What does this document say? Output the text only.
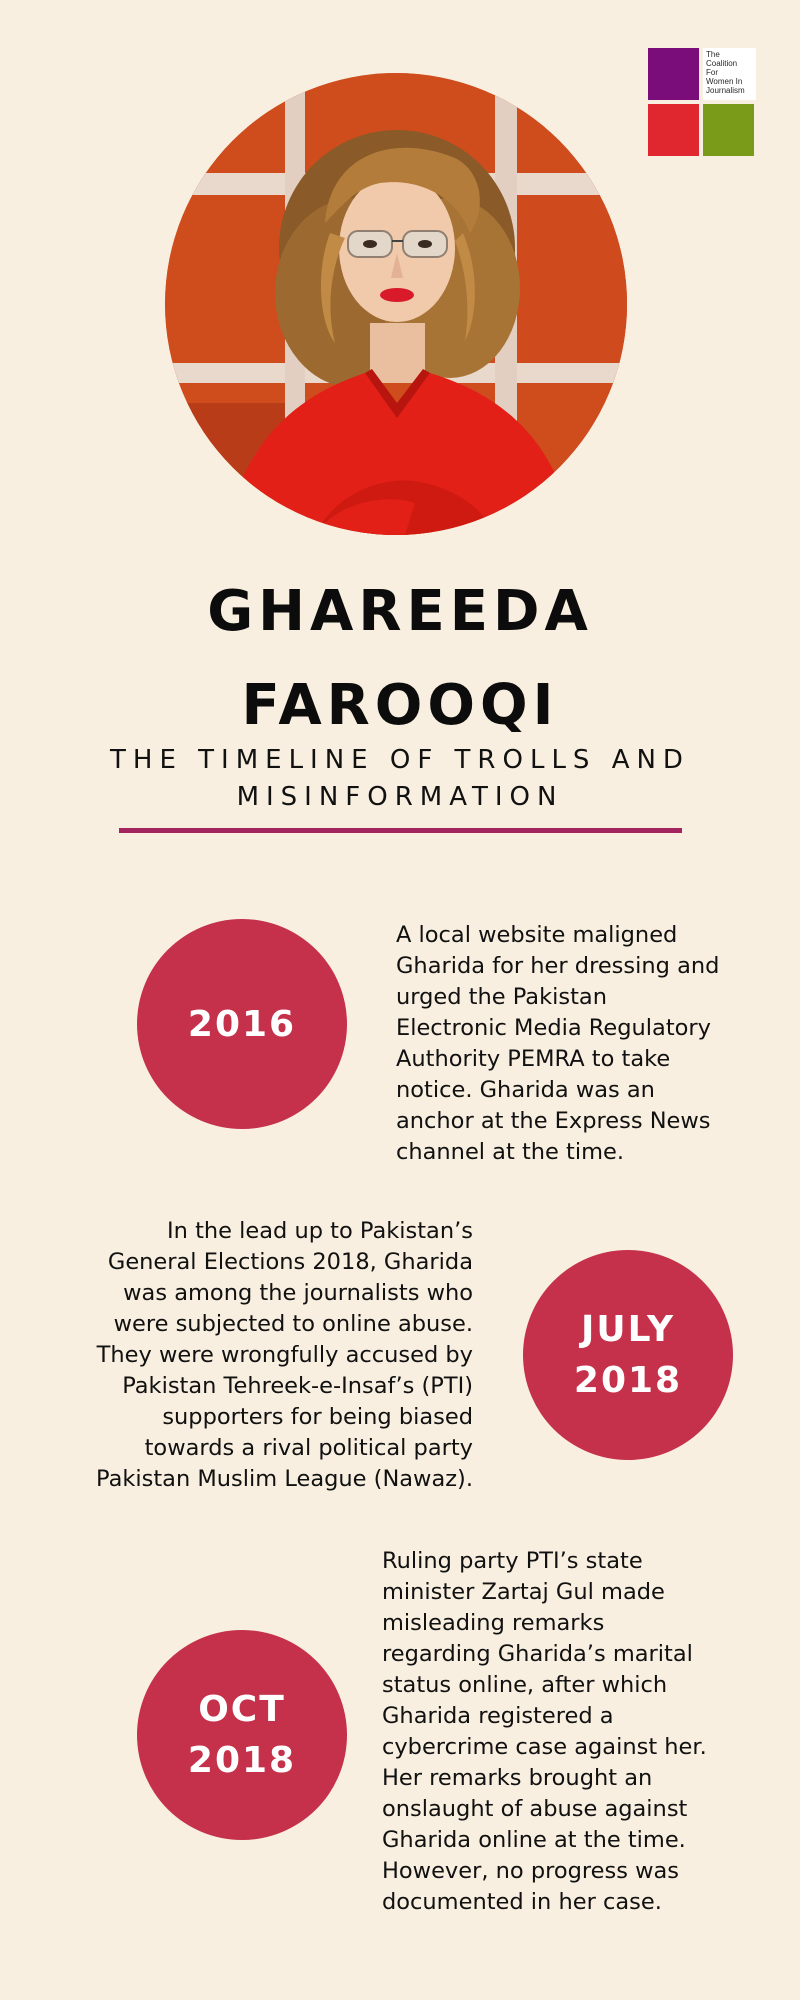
The
Coalition
For
Women In
Journalism
GHAREEDA
FAROOQI
THE TIMELINE OF TROLLS AND
MISINFORMATION
2016
A local website maligned
Gharida for her dressing and
urged the Pakistan
Electronic Media Regulatory
Authority PEMRA to take
notice. Gharida was an
anchor at the Express News
channel at the time.
In the lead up to Pakistan’s
General Elections 2018, Gharida
was among the journalists who
were subjected to online abuse.
They were wrongfully accused by
Pakistan Tehreek-e-Insaf’s (PTI)
supporters for being biased
towards a rival political party
Pakistan Muslim League (Nawaz).
JULY
2018
OCT
2018
Ruling party PTI’s state
minister Zartaj Gul made
misleading remarks
regarding Gharida’s marital
status online, after which
Gharida registered a
cybercrime case against her.
Her remarks brought an
onslaught of abuse against
Gharida online at the time.
However, no progress was
documented in her case.
